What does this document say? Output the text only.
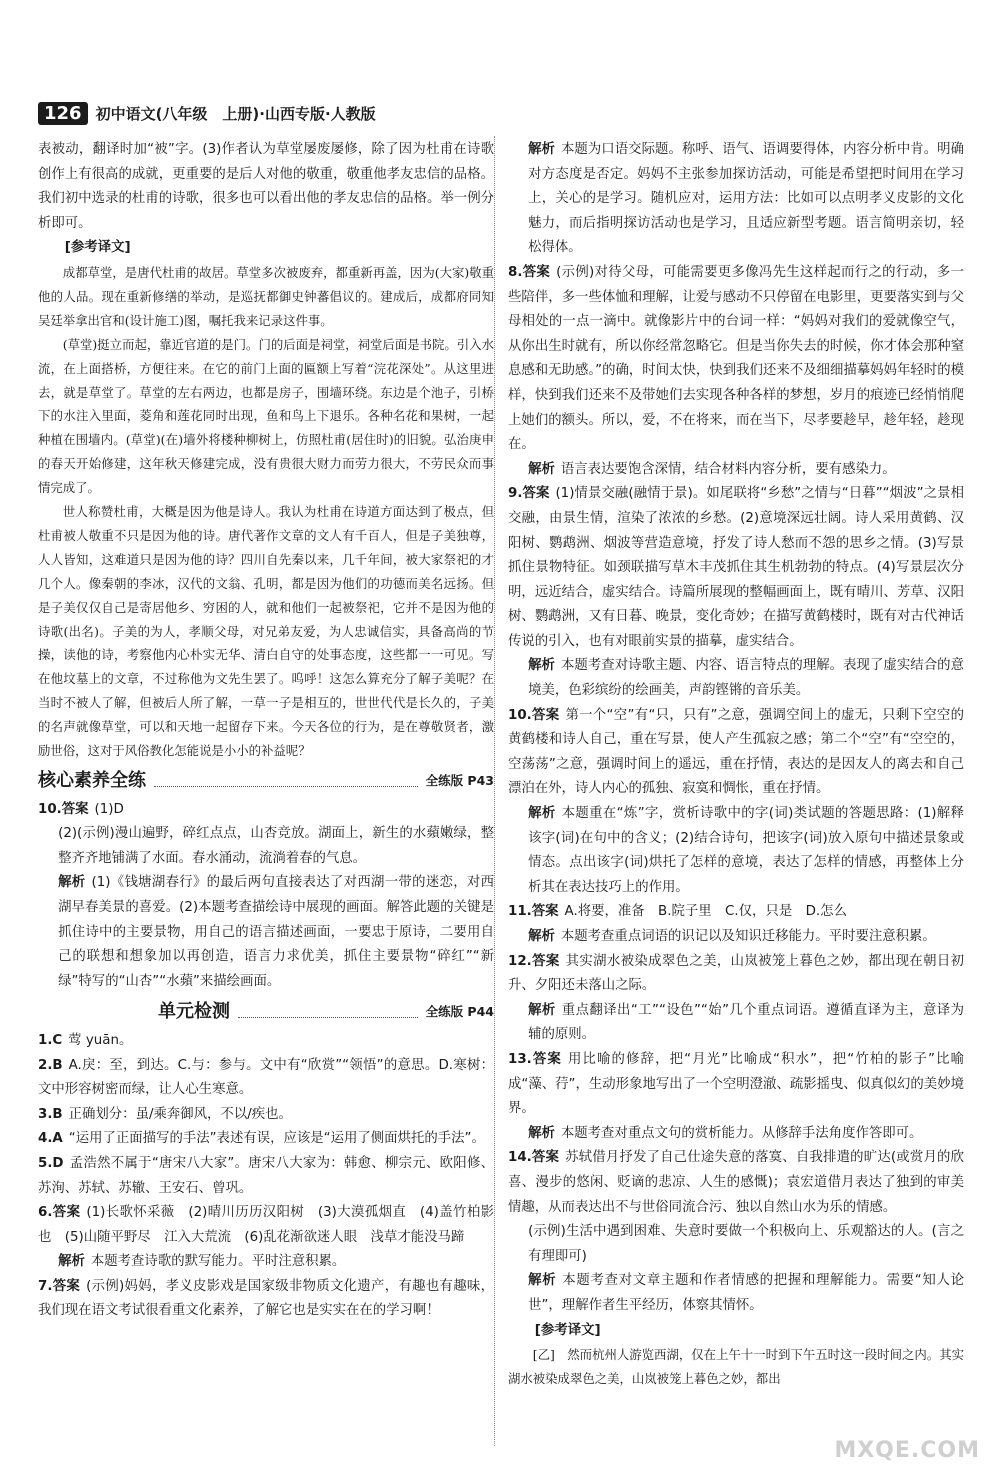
126 初中语文(八年级　上册)·山西专版·人教版

表被动，翻译时加“被”字。(3)作者认为草堂屡废屡修，除了因为杜甫在诗歌创作上有很高的成就，更重要的是后人对他的敬重，敬重他孝友忠信的品格。我们初中选录的杜甫的诗歌，很多也可以看出他的孝友忠信的品格。举一例分析即可。

[参考译文]

成都草堂，是唐代杜甫的故居。草堂多次被废弃，都重新再盖，因为(大家)敬重他的人品。现在重新修缮的举动，是巡抚都御史钟蕃倡议的。建成后，成都府同知吴廷举拿出官和(设计施工)图，嘱托我来记录这件事。

(草堂)挺立而起，靠近官道的是门。门的后面是祠堂，祠堂后面是书院。引入水流，在上面搭桥，方便往来。在它的前门上面的匾额上写着“浣花深处”。从这里进去，就是草堂了。草堂的左右两边，也都是房子，围墙环绕。东边是个池子，引桥下的水注入里面，菱角和莲花同时出现，鱼和鸟上下退乐。各种名花和果树，一起种植在围墙内。(草堂)(在)墙外将楼种柳树上，仿照杜甫(居住时)的旧貌。弘治庚申的春天开始修建，这年秋天修建完成，没有贵很大财力而劳力很大，不劳民众而事情完成了。

世人称赞杜甫，大概是因为他是诗人。我认为杜甫在诗道方面达到了极点，但杜甫被人敬重不只是因为他的诗。唐代著作文章的文人有千百人，但是子美独尊，人人皆知，这难道只是因为他的诗？四川自先秦以来，几千年间，被大家祭祀的才几个人。像秦朝的李冰，汉代的文翁、孔明，都是因为他们的功德而美名远扬。但是子美仅仅自己是寄居他乡、穷困的人，就和他们一起被祭祀，它并不是因为他的诗歌(出名)。子美的为人，孝顺父母，对兄弟友爱，为人忠诚信实，具备高尚的节操，读他的诗，考察他内心朴实无华、清白自守的处事态度，这些都一一可见。写在他坟墓上的文章，不过称他为文先生罢了。呜呼！这怎么算充分了解子美呢？在当时不被人了解，但被后人所了解，一草一子是相互的，世世代代是长久的，子美的名声就像草堂，可以和天地一起留存下来。今天各位的行为，是在尊敬贤者，激励世俗，这对于风俗教化怎能说是小小的补益呢？

核心素养全练	全练版 P43

10.答案 (1)D

(2)(示例)漫山遍野，碎红点点，山杏竞放。湖面上，新生的水蘋嫩绿，整整齐齐地铺满了水面。春水涌动，流淌着春的气息。

解析 (1)《钱塘湖春行》的最后两句直接表达了对西湖一带的迷恋，对西湖早春美景的喜爱。(2)本题考查描绘诗中展现的画面。解答此题的关键是抓住诗中的主要景物，用自己的语言描述画面，一要忠于原诗，二要用自己的联想和想象加以再创造，语言力求优美，抓住主要景物“碎红”“新绿”特写的“山杏”“水蘋”来描绘画面。

单元检测	全练版 P44

1.C 莺 yuān。

2.B A.戾：至，到达。C.与：参与。文中有“欣赏”“领悟”的意思。D.寒树：文中形容树密而绿，让人心生寒意。

3.B 正确划分：虽/乘奔御风，不以/疾也。

4.A “运用了正面描写的手法”表述有误，应该是“运用了侧面烘托的手法”。

5.D 孟浩然不属于“唐宋八大家”。唐宋八大家为：韩愈、柳宗元、欧阳修、苏洵、苏轼、苏辙、王安石、曾巩。

6.答案 (1)长歌怀采薇　(2)晴川历历汉阳树　(3)大漠孤烟直　(4)盖竹柏影也　(5)山随平野尽　江入大荒流　(6)乱花渐欲迷人眼　浅草才能没马蹄

解析 本题考查诗歌的默写能力。平时注意积累。

7.答案 (示例)妈妈，孝义皮影戏是国家级非物质文化遗产，有趣也有趣味，我们现在语文考试很看重文化素养，了解它也是实实在在的学习啊！

解析 本题为口语交际题。称呼、语气、语调要得体，内容分析中肯。明确对方态度是否定。妈妈不主张参加探访活动，可能是希望把时间用在学习上，关心的是学习。随机应对，运用方法：比如可以点明孝义皮影的文化魅力，而后指明探访活动也是学习，且适应新型考题。语言简明亲切，轻松得体。

8.答案 (示例)对待父母，可能需要更多像冯先生这样起而行之的行动，多一些陪伴，多一些体恤和理解，让爱与感动不只停留在电影里，更要落实到与父母相处的一点一滴中。就像影片中的台词一样：“妈妈对我们的爱就像空气，从你出生时就有，所以你经常忽略它。但是当你失去的时候，你才体会那种窒息感和无助感。”的确，时间太快，快到我们还来不及细细描摹妈妈年轻时的模样，快到我们还来不及带她们去实现各种各样的梦想，岁月的痕迹已经悄悄爬上她们的额头。所以，爱，不在将来，而在当下，尽孝要趁早，趁年轻，趁现在。

解析 语言表达要饱含深情，结合材料内容分析，要有感染力。

9.答案 (1)情景交融(融情于景)。如尾联将“乡愁”之情与“日暮”“烟波”之景相交融，由景生情，渲染了浓浓的乡愁。(2)意境深远壮阔。诗人采用黄鹤、汉阳树、鹦鹉洲、烟波等营造意境，抒发了诗人愁而不怨的思乡之情。(3)写景抓住景物特征。如颈联描写草木丰茂抓住其生机勃勃的特点。(4)写景层次分明，远近结合，虚实结合。诗篇所展现的整幅画面上，既有晴川、芳草、汉阳树、鹦鹉洲，又有日暮、晚景，变化奇妙；在描写黄鹤楼时，既有对古代神话传说的引入，也有对眼前实景的描摹，虚实结合。

解析 本题考查对诗歌主题、内容、语言特点的理解。表现了虚实结合的意境美，色彩缤纷的绘画美，声韵铿锵的音乐美。

10.答案 第一个“空”有“只，只有”之意，强调空间上的虚无，只剩下空空的黄鹤楼和诗人自己，重在写景，使人产生孤寂之感；第二个“空”有“空空的，空荡荡”之意，强调时间上的遥远，重在抒情，表达的是因友人的离去和自己漂泊在外，诗人内心的孤独、寂寞和惆怅，重在抒情。

解析 本题重在“炼”字，赏析诗歌中的字(词)类试题的答题思路：(1)解释该字(词)在句中的含义；(2)结合诗句，把该字(词)放入原句中描述景象或情态。点出该字(词)烘托了怎样的意境，表达了怎样的情感，再整体上分析其在表达技巧上的作用。

11.答案 A.将要，准备　B.院子里　C.仅，只是　D.怎么

解析 本题考查重点词语的识记以及知识迁移能力。平时要注意积累。

12.答案 其实湖水被染成翠色之美，山岚被笼上暮色之妙，都出现在朝日初升、夕阳还未落山之际。

解析 重点翻译出“工”“设色”“始”几个重点词语。遵循直译为主，意译为辅的原则。

13.答案 用比喻的修辞，把“月光”比喻成“积水”，把“竹柏的影子”比喻成“藻、荇”，生动形象地写出了一个空明澄澈、疏影摇曳、似真似幻的美妙境界。

解析 本题考查对重点文句的赏析能力。从修辞手法角度作答即可。

14.答案 苏轼借月抒发了自己仕途失意的落寞、自我排遣的旷达(或赏月的欣喜、漫步的悠闲、贬谪的悲凉、人生的感慨)；袁宏道借月表达了独到的审美情趣，从而表达出不与世俗同流合污、独以自然山水为乐的情感。

(示例)生活中遇到困难、失意时要做一个积极向上、乐观豁达的人。(言之有理即可)

解析 本题考查对文章主题和作者情感的把握和理解能力。需要“知人论世”，理解作者生平经历，体察其情怀。

[参考译文]

[乙]　然而杭州人游览西湖，仅在上午十一时到下午五时这一段时间之内。其实湖水被染成翠色之美，山岚被笼上暮色之妙，都出

MXQE.COM
